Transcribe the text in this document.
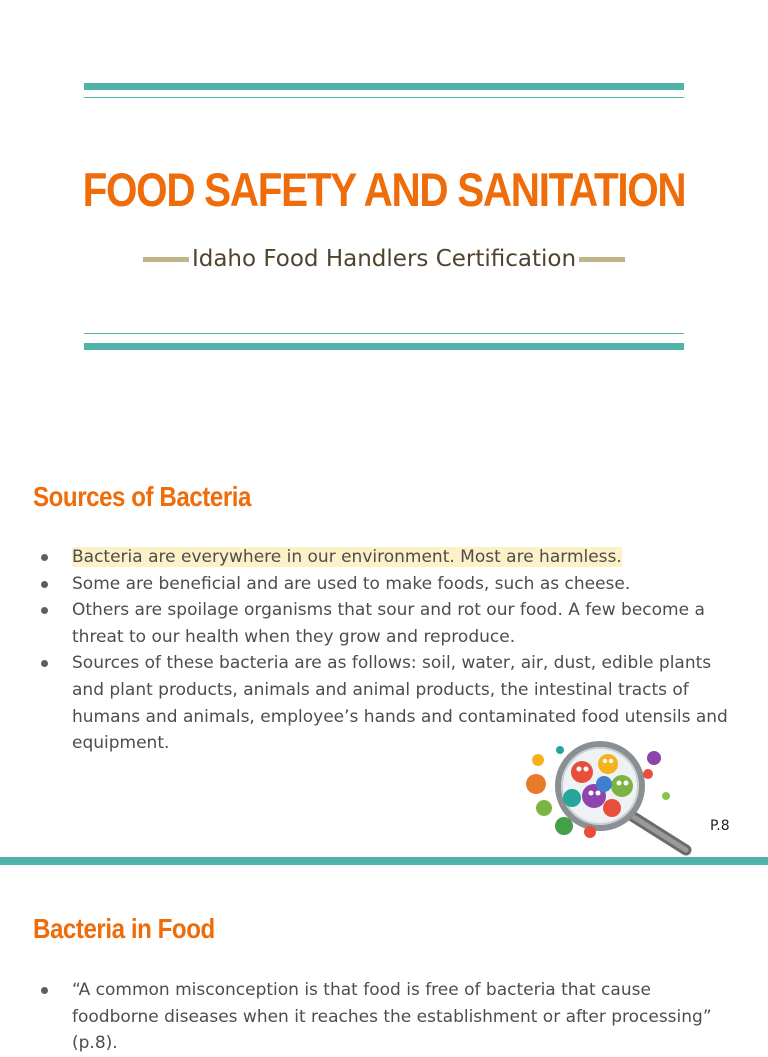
FOOD SAFETY AND SANITATION
Idaho Food Handlers Certification
Sources of Bacteria
Bacteria are everywhere in our environment. Most are harmless.
Some are beneficial and are used to make foods, such as cheese.
Others are spoilage organisms that sour and rot our food. A few become a threat to our health when they grow and reproduce.
Sources of these bacteria are as follows: soil, water, air, dust, edible plants and plant products, animals and animal products, the intestinal tracts of humans and animals, employee’s hands and contaminated food utensils and equipment.
P.8
Bacteria in Food
“A common misconception is that food is free of bacteria that cause foodborne diseases when it reaches the establishment or after processing” (p.8).
